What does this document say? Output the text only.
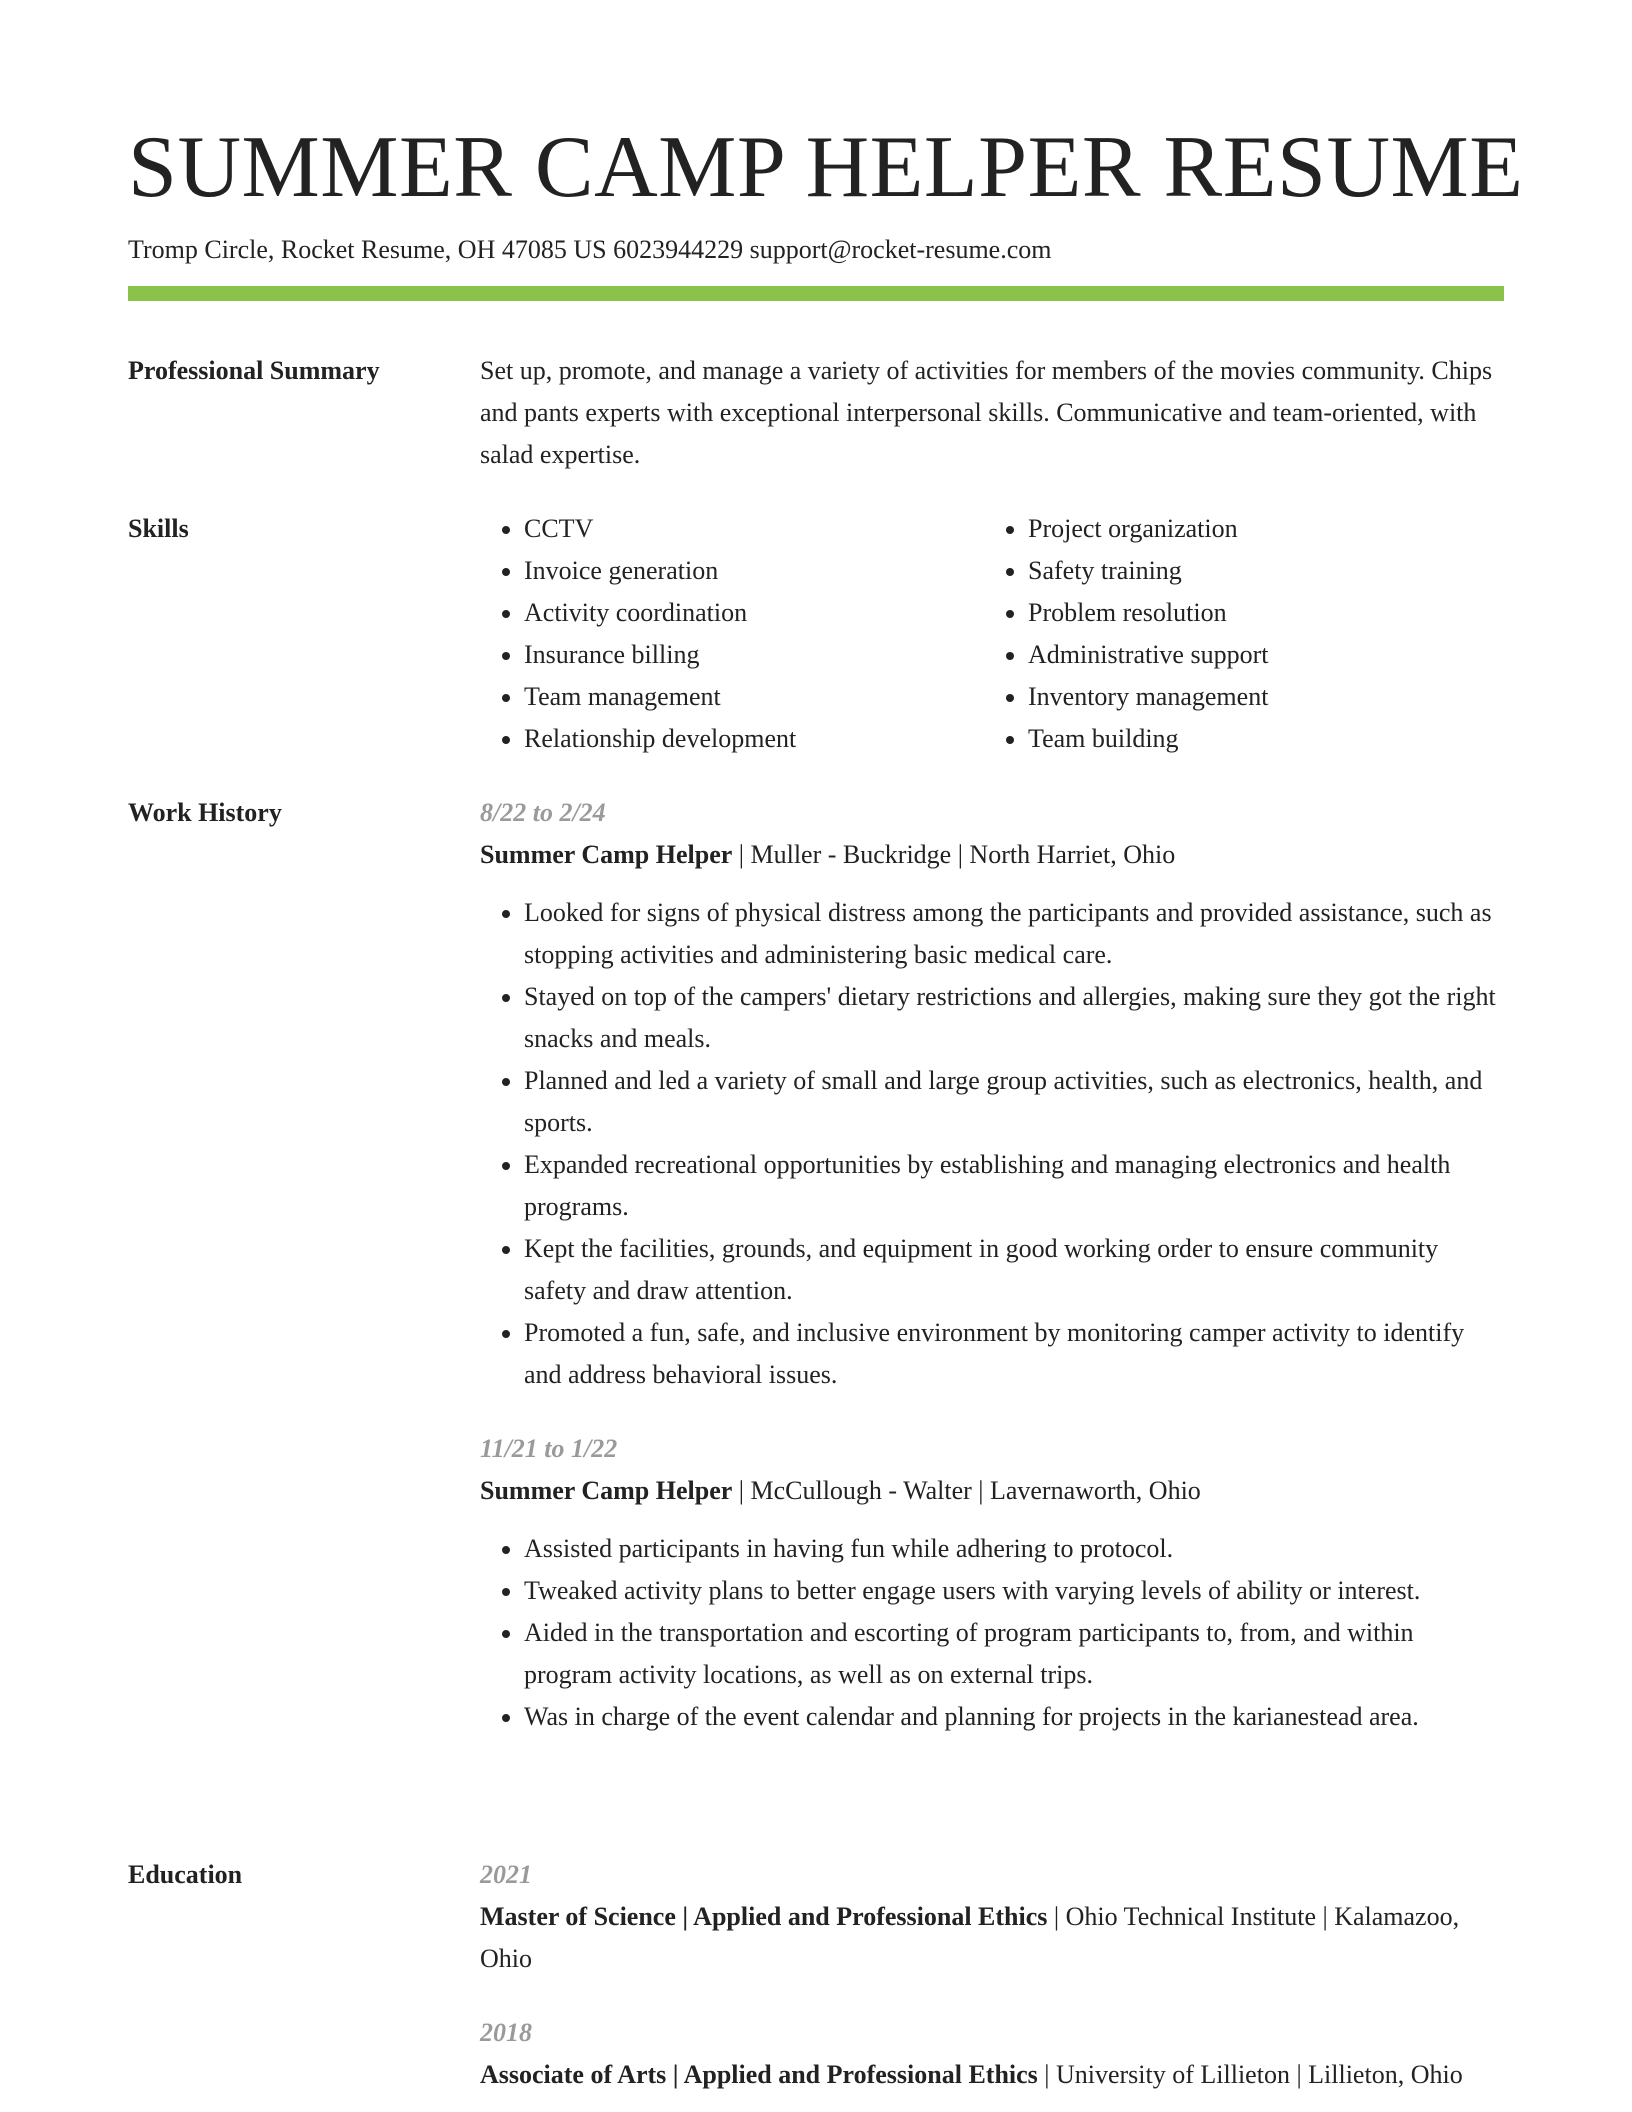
SUMMER CAMP HELPER RESUME
Tromp Circle, Rocket Resume, OH 47085 US 6023944229 support@rocket-resume.com
Professional Summary	Set up, promote, and manage a variety of activities for members of the movies community. Chips and pants experts with exceptional interpersonal skills. Communicative and team-oriented, with salad expertise.

Skills
•	CCTV
• Invoice generation
• Activity coordination
• Insurance billing
• Team management
• Relationship development
• Project organization
• Safety training
• Problem resolution
• Administrative support
• Inventory management
• Team building
Work History	8/22 to 2/24
Summer Camp Helper | Muller - Buckridge | North Harriet, Ohio
• Looked for signs of physical distress among the participants and provided assistance, such as stopping activities and administering basic medical care.
• Stayed on top of the campers' dietary restrictions and allergies, making sure they got the right snacks and meals.
• Planned and led a variety of small and large group activities, such as electronics, health, and sports.
• Expanded recreational opportunities by establishing and managing electronics and health programs.
• Kept the facilities, grounds, and equipment in good working order to ensure community safety and draw attention.
• Promoted a fun, safe, and inclusive environment by monitoring camper activity to identify and address behavioral issues.
11/21 to 1/22
Summer Camp Helper | McCullough - Walter | Lavernaworth, Ohio
• Assisted participants in having fun while adhering to protocol.
• Tweaked activity plans to better engage users with varying levels of ability or interest.
• Aided in the transportation and escorting of program participants to, from, and within program activity locations, as well as on external trips.
• Was in charge of the event calendar and planning for projects in the karianestead area.
Education	2021
Master of Science | Applied and Professional Ethics | Ohio Technical Institute | Kalamazoo, Ohio
2018
Associate of Arts | Applied and Professional Ethics | University of Lillieton | Lillieton, Ohio
